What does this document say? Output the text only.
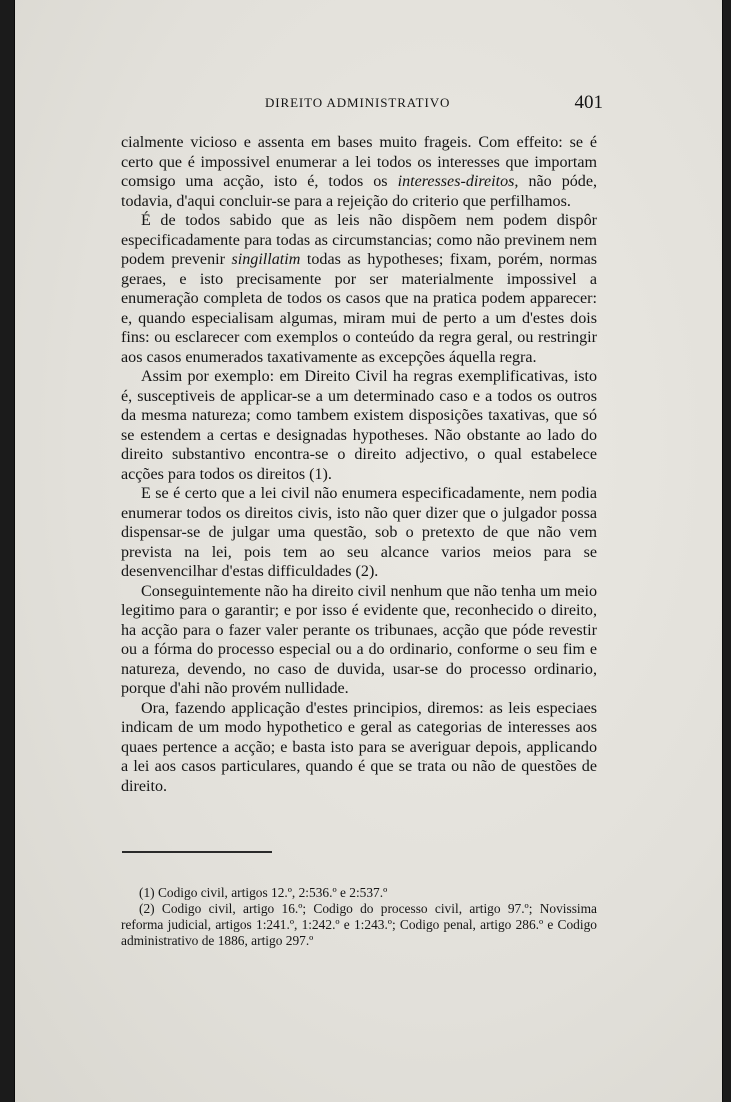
DIREITO ADMINISTRATIVO	401

cialmente vicioso e assenta em bases muito frageis. Com effeito: se é certo que é impossivel enumerar a lei todos os interesses que importam comsigo uma acção, isto é, todos os interesses-direitos, não póde, todavia, d'aqui concluir-se para a rejeição do criterio que perfilhamos.

É de todos sabido que as leis não dispõem nem podem dispôr especificadamente para todas as circumstancias; como não previnem nem podem prevenir singillatim todas as hypotheses; fixam, porém, normas geraes, e isto precisamente por ser materialmente impossivel a enumeração completa de todos os casos que na pratica podem apparecer: e, quando especialisam algumas, miram mui de perto a um d'estes dois fins: ou esclarecer com exemplos o conteúdo da regra geral, ou restringir aos casos enumerados taxativamente as excepções áquella regra.

Assim por exemplo: em Direito Civil ha regras exemplificativas, isto é, susceptiveis de applicar-se a um determinado caso e a todos os outros da mesma natureza; como tambem existem disposições taxativas, que só se estendem a certas e designadas hypotheses. Não obstante ao lado do direito substantivo encontra-se o direito adjectivo, o qual estabelece acções para todos os direitos (1).

E se é certo que a lei civil não enumera especificadamente, nem podia enumerar todos os direitos civis, isto não quer dizer que o julgador possa dispensar-se de julgar uma questão, sob o pretexto de que não vem prevista na lei, pois tem ao seu alcance varios meios para se desenvencilhar d'estas difficuldades (2).

Conseguintemente não ha direito civil nenhum que não tenha um meio legitimo para o garantir; e por isso é evidente que, reconhecido o direito, ha acção para o fazer valer perante os tribunaes, acção que póde revestir ou a fórma do processo especial ou a do ordinario, conforme o seu fim e natureza, devendo, no caso de duvida, usar-se do processo ordinario, porque d'ahi não provém nullidade.

Ora, fazendo applicação d'estes principios, diremos: as leis especiaes indicam de um modo hypothetico e geral as categorias de interesses aos quaes pertence a acção; e basta isto para se averiguar depois, applicando a lei aos casos particulares, quando é que se trata ou não de questões de direito.

(1) Codigo civil, artigos 12.º, 2:536.º e 2:537.º

(2) Codigo civil, artigo 16.º; Codigo do processo civil, artigo 97.º; Novissima reforma judicial, artigos 1:241.º, 1:242.º e 1:243.º; Codigo penal, artigo 286.º e Codigo administrativo de 1886, artigo 297.º
